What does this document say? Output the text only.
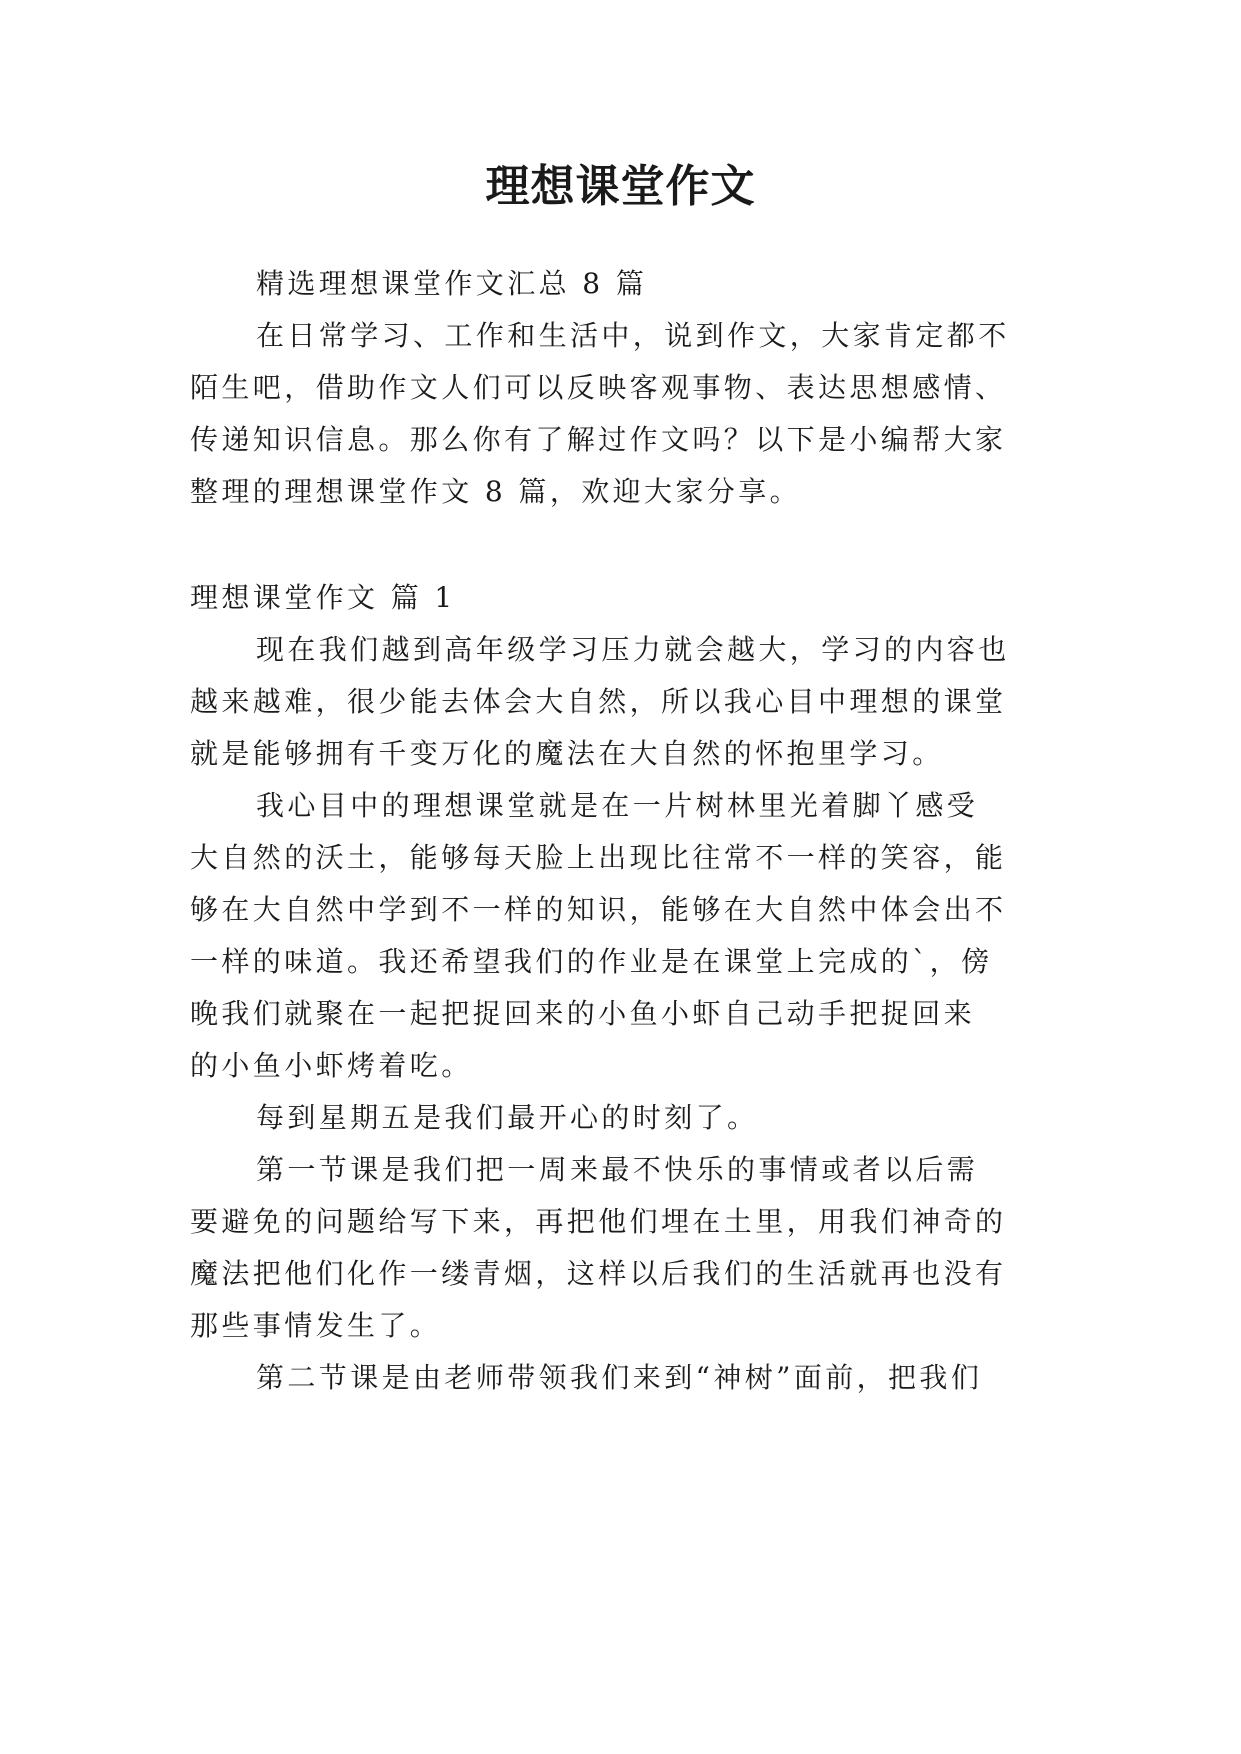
理想课堂作文
精选理想课堂作文汇总 8 篇
在日常学习、工作和生活中，说到作文，大家肯定都不
陌生吧，借助作文人们可以反映客观事物、表达思想感情、
传递知识信息。那么你有了解过作文吗？以下是小编帮大家
整理的理想课堂作文 8 篇，欢迎大家分享。
理想课堂作文 篇 1
现在我们越到高年级学习压力就会越大，学习的内容也
越来越难，很少能去体会大自然，所以我心目中理想的课堂
就是能够拥有千变万化的魔法在大自然的怀抱里学习。
我心目中的理想课堂就是在一片树林里光着脚丫感受
大自然的沃土，能够每天脸上出现比往常不一样的笑容，能
够在大自然中学到不一样的知识，能够在大自然中体会出不
一样的味道。我还希望我们的作业是在课堂上完成的`，傍
晚我们就聚在一起把捉回来的小鱼小虾自己动手把捉回来
的小鱼小虾烤着吃。
每到星期五是我们最开心的时刻了。
第一节课是我们把一周来最不快乐的事情或者以后需
要避免的问题给写下来，再把他们埋在土里，用我们神奇的
魔法把他们化作一缕青烟，这样以后我们的生活就再也没有
那些事情发生了。
第二节课是由老师带领我们来到“神树”面前，把我们
